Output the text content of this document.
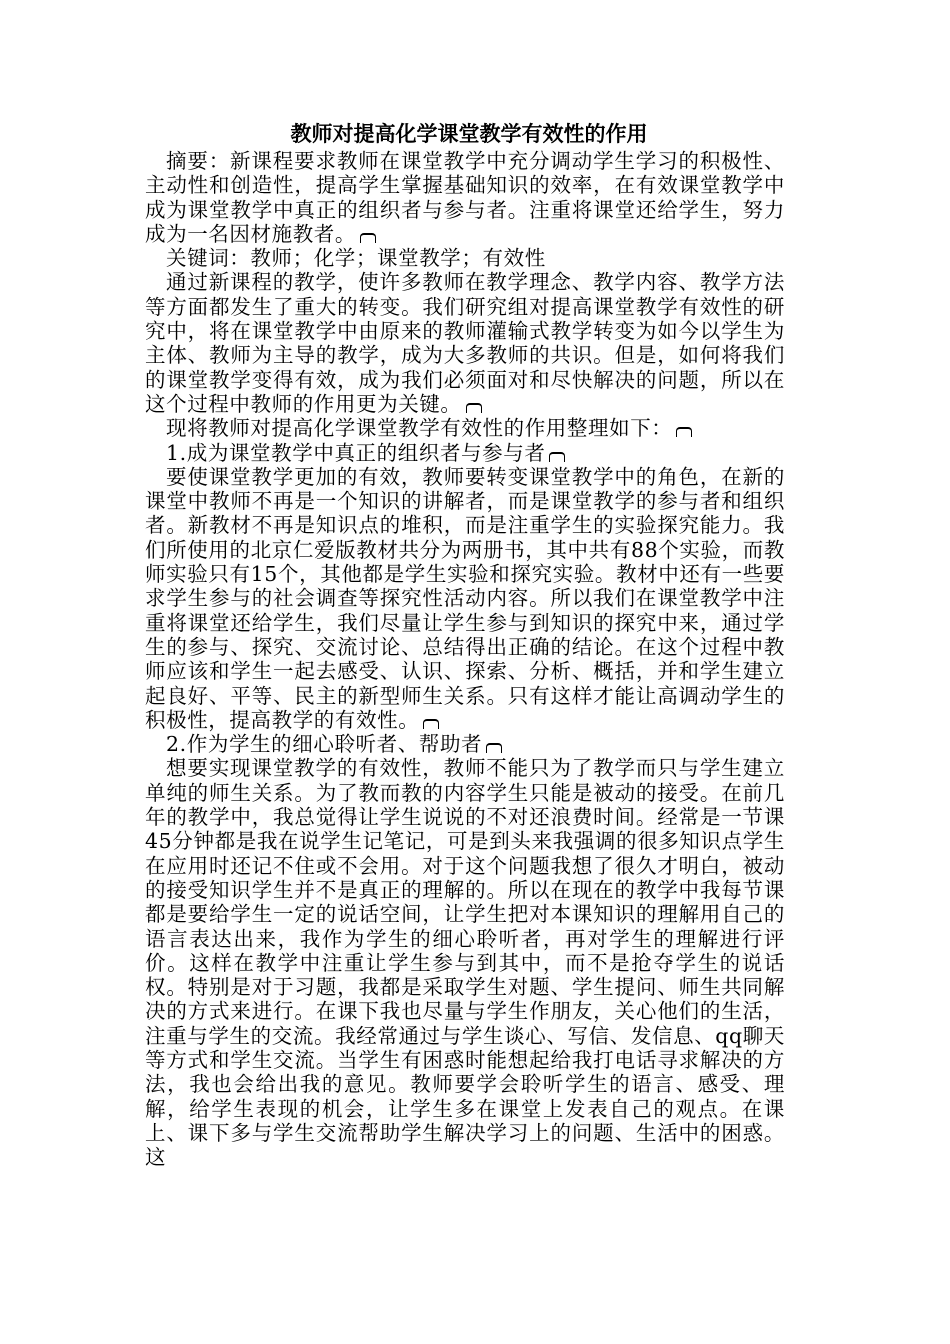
教师对提高化学课堂教学有效性的作用

摘要：新课程要求教师在课堂教学中充分调动学生学习的积极性、主动性和创造性，提高学生掌握基础知识的效率，在有效课堂教学中成为课堂教学中真正的组织者与参与者。注重将课堂还给学生，努力成为一名因材施教者。

关键词：教师；化学；课堂教学；有效性

通过新课程的教学，使许多教师在教学理念、教学内容、教学方法等方面都发生了重大的转变。我们研究组对提高课堂教学有效性的研究中，将在课堂教学中由原来的教师灌输式教学转变为如今以学生为主体、教师为主导的教学，成为大多教师的共识。但是，如何将我们的课堂教学变得有效，成为我们必须面对和尽快解决的问题，所以在这个过程中教师的作用更为关键。

现将教师对提高化学课堂教学有效性的作用整理如下：

1.成为课堂教学中真正的组织者与参与者

要使课堂教学更加的有效，教师要转变课堂教学中的角色，在新的课堂中教师不再是一个知识的讲解者，而是课堂教学的参与者和组织者。新教材不再是知识点的堆积，而是注重学生的实验探究能力。我们所使用的北京仁爱版教材共分为两册书，其中共有88个实验，而教师实验只有15个，其他都是学生实验和探究实验。教材中还有一些要求学生参与的社会调查等探究性活动内容。所以我们在课堂教学中注重将课堂还给学生，我们尽量让学生参与到知识的探究中来，通过学生的参与、探究、交流讨论、总结得出正确的结论。在这个过程中教师应该和学生一起去感受、认识、探索、分析、概括，并和学生建立起良好、平等、民主的新型师生关系。只有这样才能让高调动学生的积极性，提高教学的有效性。

2.作为学生的细心聆听者、帮助者

想要实现课堂教学的有效性，教师不能只为了教学而只与学生建立单纯的师生关系。为了教而教的内容学生只能是被动的接受。在前几年的教学中，我总觉得让学生说说的不对还浪费时间。经常是一节课45分钟都是我在说学生记笔记，可是到头来我强调的很多知识点学生在应用时还记不住或不会用。对于这个问题我想了很久才明白，被动的接受知识学生并不是真正的理解的。所以在现在的教学中我每节课都是要给学生一定的说话空间，让学生把对本课知识的理解用自己的语言表达出来，我作为学生的细心聆听者，再对学生的理解进行评价。这样在教学中注重让学生参与到其中，而不是抢夺学生的说话权。特别是对于习题，我都是采取学生对题、学生提问、师生共同解决的方式来进行。在课下我也尽量与学生作朋友，关心他们的生活，注重与学生的交流。我经常通过与学生谈心、写信、发信息、qq聊天等方式和学生交流。当学生有困惑时能想起给我打电话寻求解决的方法，我也会给出我的意见。教师要学会聆听学生的语言、感受、理解，给学生表现的机会，让学生多在课堂上发表自己的观点。在课上、课下多与学生交流帮助学生解决学习上的问题、生活中的困惑。这
